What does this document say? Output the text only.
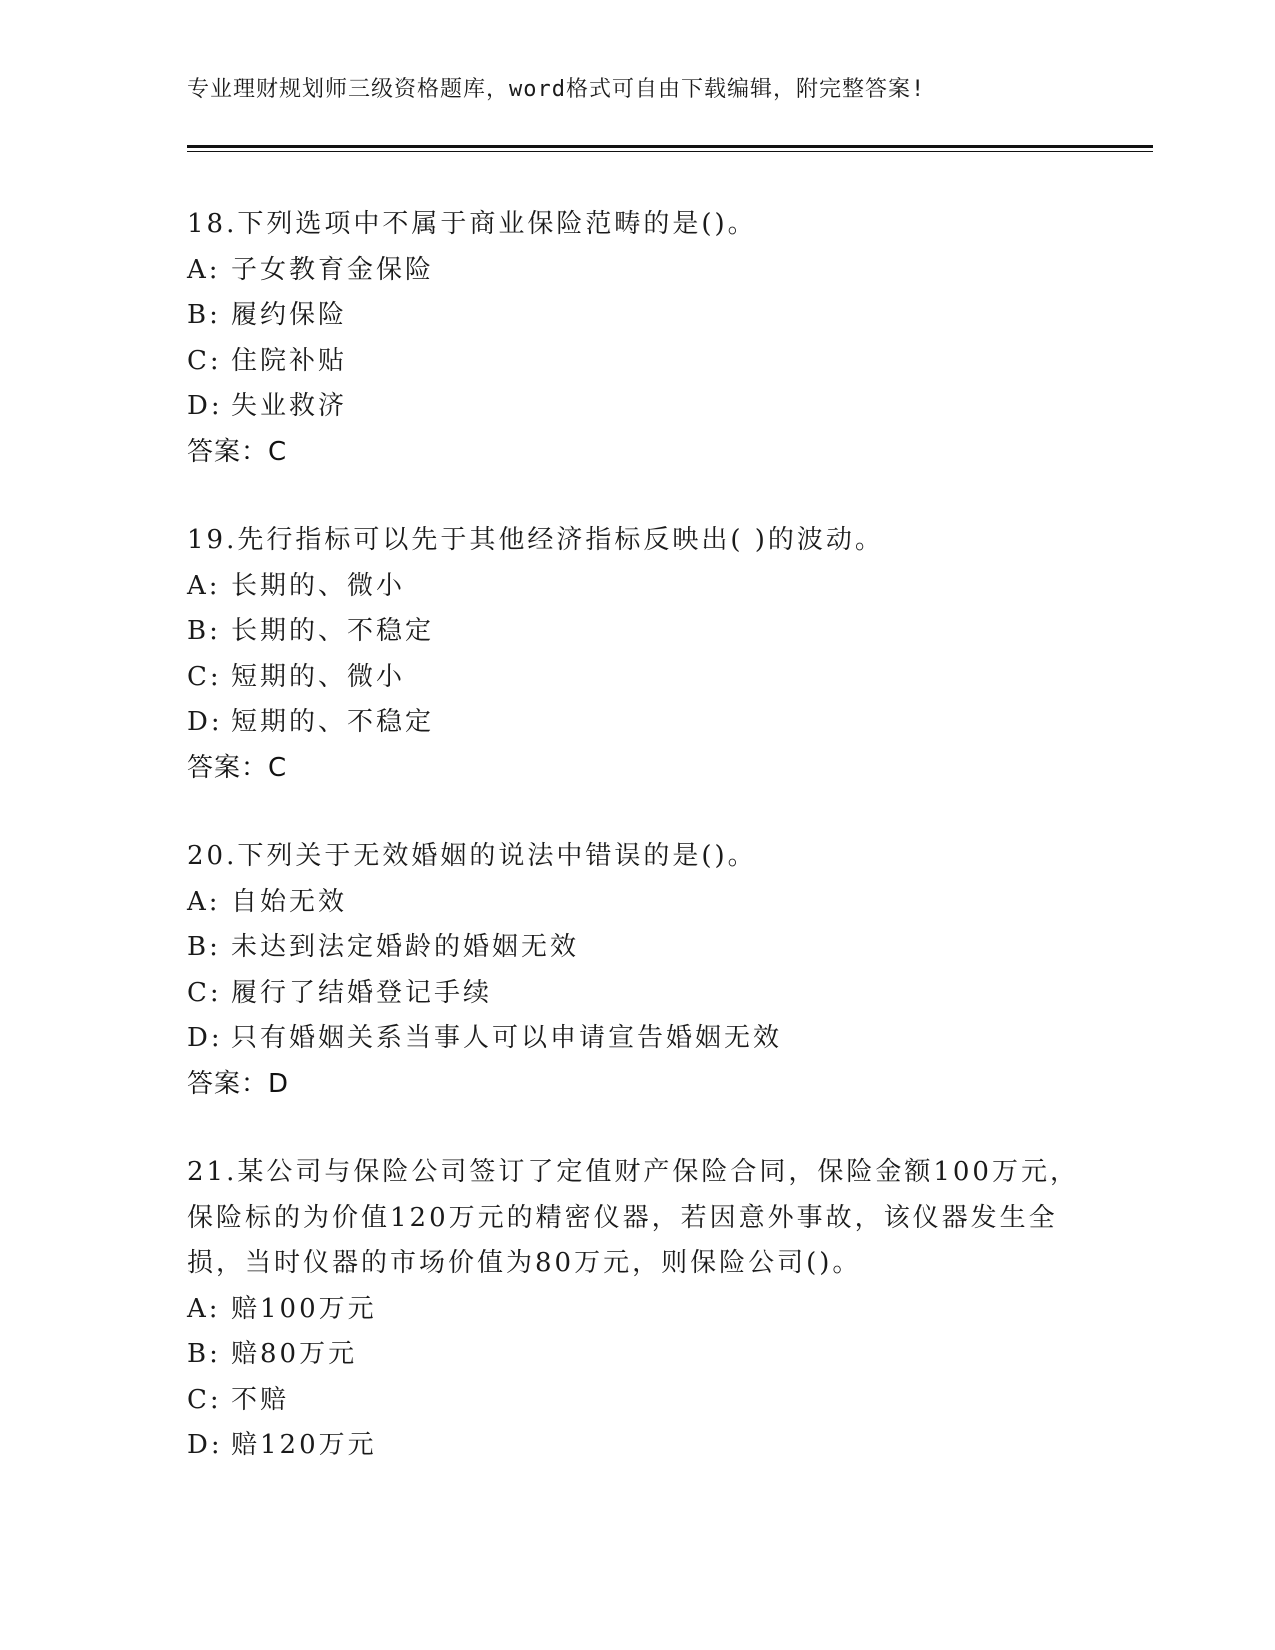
专业理财规划师三级资格题库，word格式可自由下载编辑，附完整答案!
18.下列选项中不属于商业保险范畴的是()。
A: 子女教育金保险
B: 履约保险
C: 住院补贴
D: 失业救济
答案：C
19.先行指标可以先于其他经济指标反映出( )的波动。
A: 长期的、微小
B: 长期的、不稳定
C: 短期的、微小
D: 短期的、不稳定
答案：C
20.下列关于无效婚姻的说法中错误的是()。
A: 自始无效
B: 未达到法定婚龄的婚姻无效
C: 履行了结婚登记手续
D: 只有婚姻关系当事人可以申请宣告婚姻无效
答案：D
21.某公司与保险公司签订了定值财产保险合同，保险金额100万元，
保险标的为价值120万元的精密仪器，若因意外事故，该仪器发生全
损，当时仪器的市场价值为80万元，则保险公司()。
A: 赔100万元
B: 赔80万元
C: 不赔
D: 赔120万元
